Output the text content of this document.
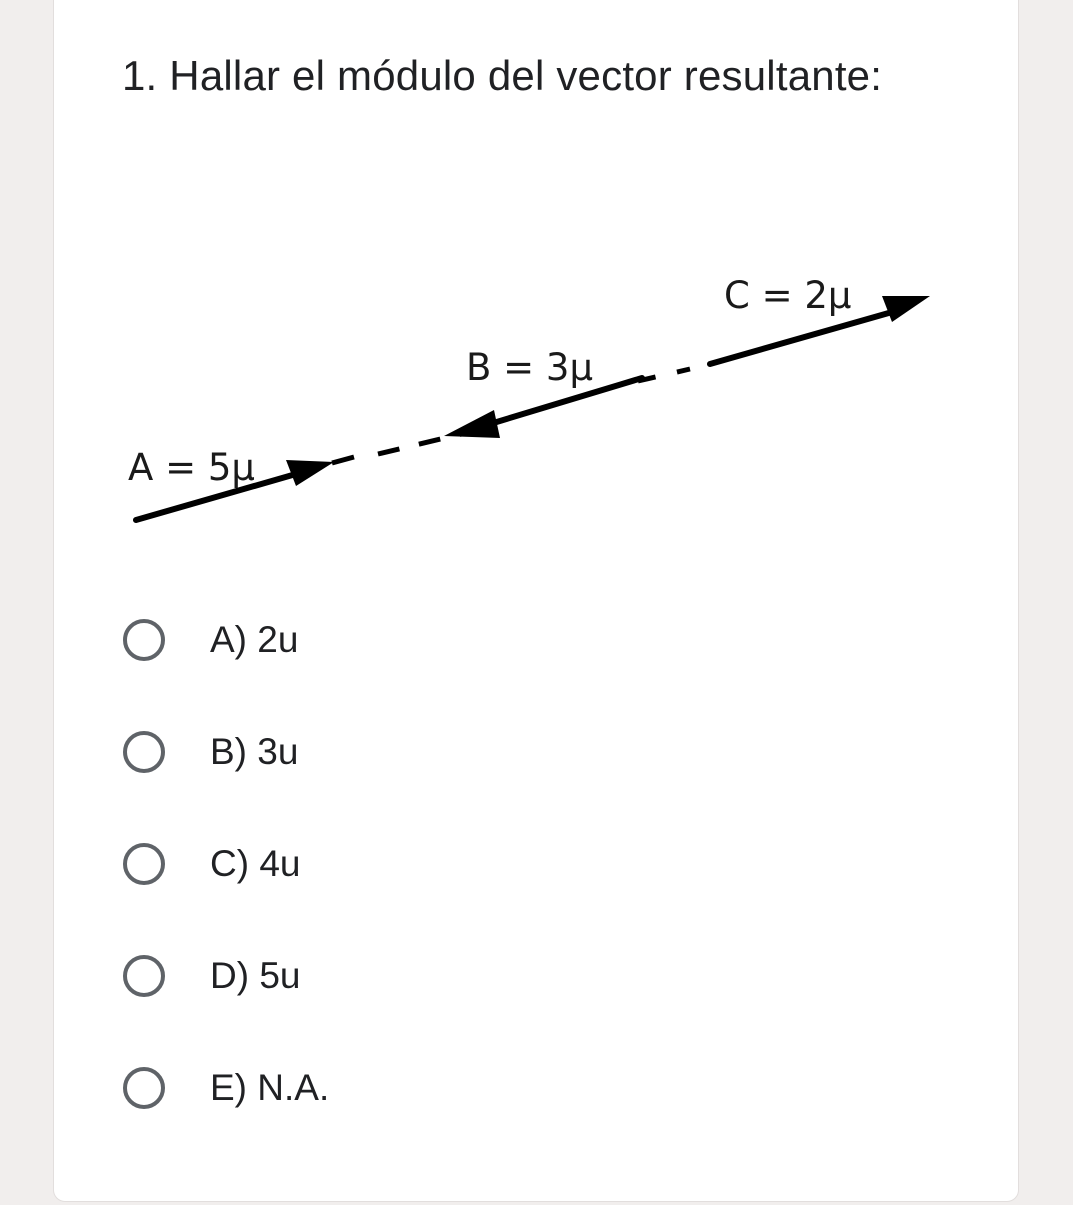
1. Hallar el módulo del vector resultante:
A = 5μ
B = 3μ
C = 2μ
A) 2u
B) 3u
C) 4u
D) 5u
E) N.A.
